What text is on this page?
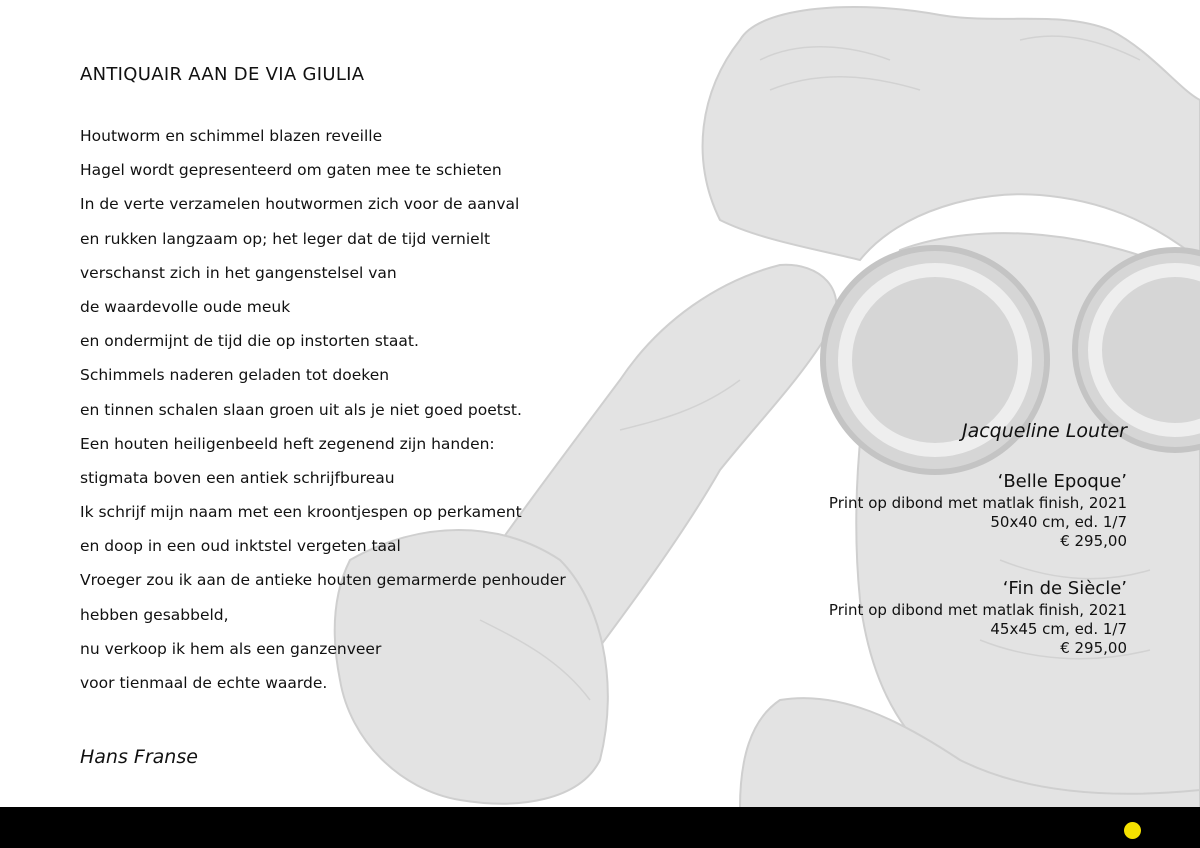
ANTIQUAIR AAN DE VIA GIULIA
Houtworm en schimmel blazen reveille
Hagel wordt gepresenteerd om gaten mee te schieten
In de verte verzamelen houtwormen zich voor de aanval
en rukken langzaam op; het leger dat de tijd vernielt
verschanst zich in het gangenstelsel van
de waardevolle oude meuk
en ondermijnt de tijd die op instorten staat.
Schimmels naderen geladen tot doeken
en tinnen schalen slaan groen uit als je niet goed poetst.
Een houten heiligenbeeld heft zegenend zijn handen:
stigmata boven een antiek schrijfbureau
Ik schrijf mijn naam met een kroontjespen op perkament
en doop in een oud inktstel vergeten taal
Vroeger zou ik aan de antieke houten gemarmerde penhouder
hebben gesabbeld,
nu verkoop ik hem als een ganzenveer
voor tienmaal de echte waarde.
Hans Franse
Jacqueline Louter
‘Belle Epoque’
Print op dibond met matlak finish, 2021
50x40 cm, ed. 1/7
€ 295,00
‘Fin de Siècle’
Print op dibond met matlak finish, 2021
45x45 cm, ed. 1/7
€ 295,00
